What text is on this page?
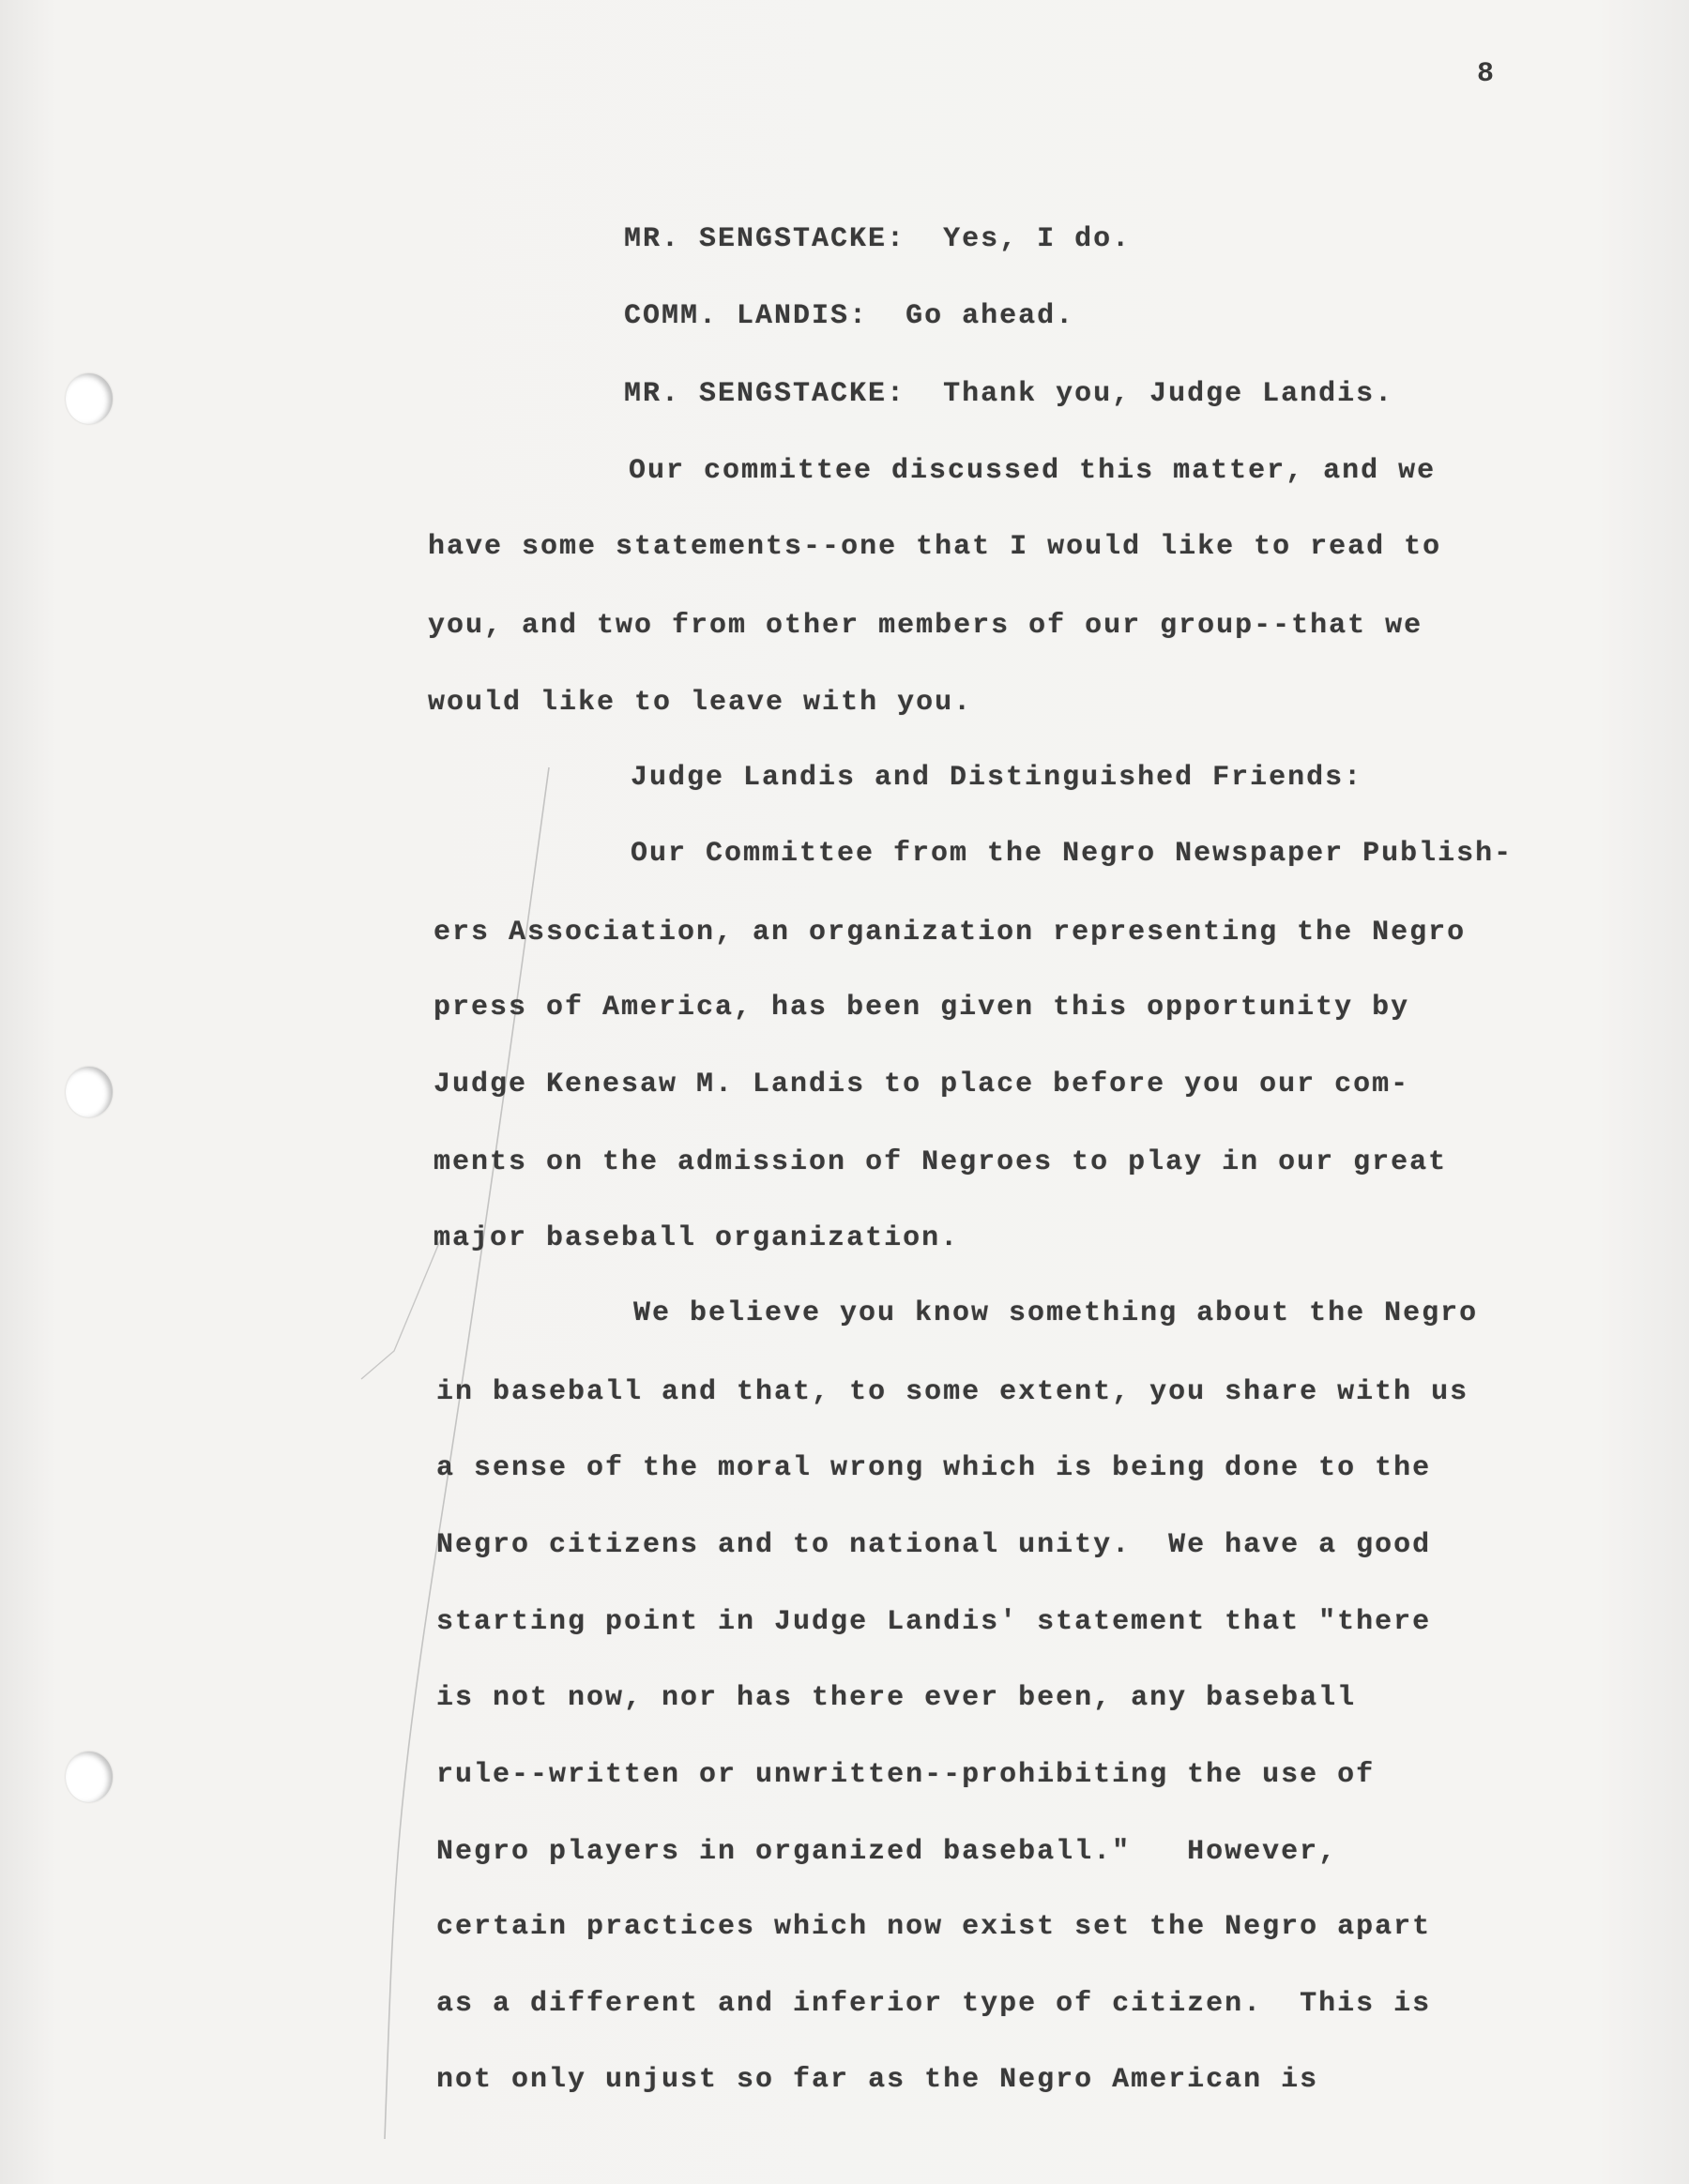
8
MR. SENGSTACKE: Yes, I do.
COMM. LANDIS: Go ahead.
MR. SENGSTACKE: Thank you, Judge Landis.
Our committee discussed this matter, and we
have some statements--one that I would like to read to
you, and two from other members of our group--that we
would like to leave with you.
Judge Landis and Distinguished Friends:
Our Committee from the Negro Newspaper Publish-
ers Association, an organization representing the Negro
press of America, has been given this opportunity by
Judge Kenesaw M. Landis to place before you our com-
ments on the admission of Negroes to play in our great
major baseball organization.
We believe you know something about the Negro
in baseball and that, to some extent, you share with us
a sense of the moral wrong which is being done to the
Negro citizens and to national unity.  We have a good
starting point in Judge Landis' statement that "there
is not now, nor has there ever been, any baseball
rule--written or unwritten--prohibiting the use of
Negro players in organized baseball."   However,
certain practices which now exist set the Negro apart
as a different and inferior type of citizen.  This is
not only unjust so far as the Negro American is
